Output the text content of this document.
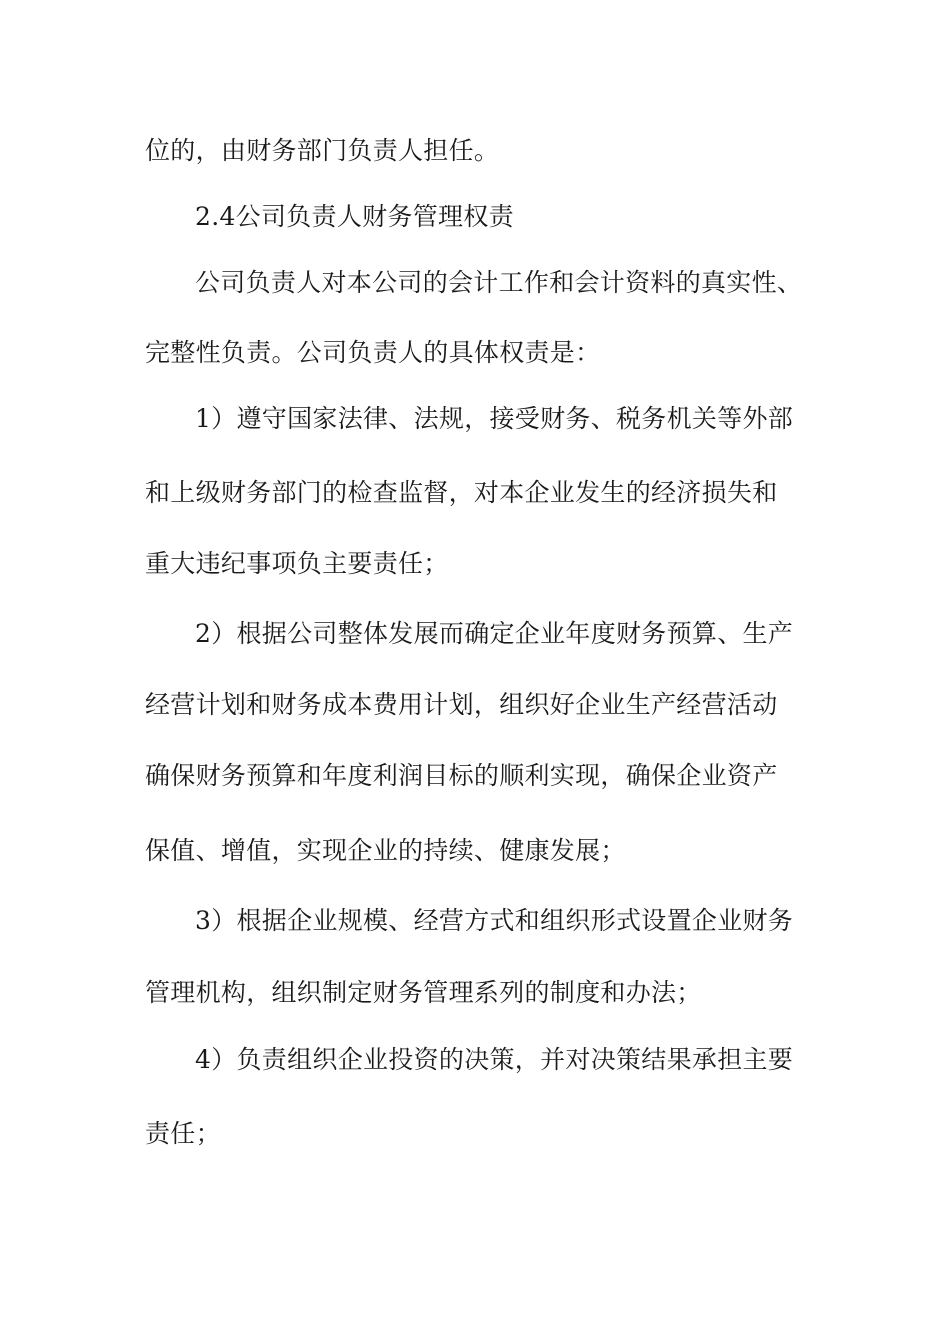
位的，由财务部门负责人担任。
2.4公司负责人财务管理权责
公司负责人对本公司的会计工作和会计资料的真实性、
完整性负责。公司负责人的具体权责是：
1）遵守国家法律、法规，接受财务、税务机关等外部
和上级财务部门的检查监督，对本企业发生的经济损失和
重大违纪事项负主要责任；
2）根据公司整体发展而确定企业年度财务预算、生产
经营计划和财务成本费用计划，组织好企业生产经营活动
确保财务预算和年度利润目标的顺利实现，确保企业资产
保值、增值，实现企业的持续、健康发展；
3）根据企业规模、经营方式和组织形式设置企业财务
管理机构，组织制定财务管理系列的制度和办法；
4）负责组织企业投资的决策，并对决策结果承担主要
责任；
